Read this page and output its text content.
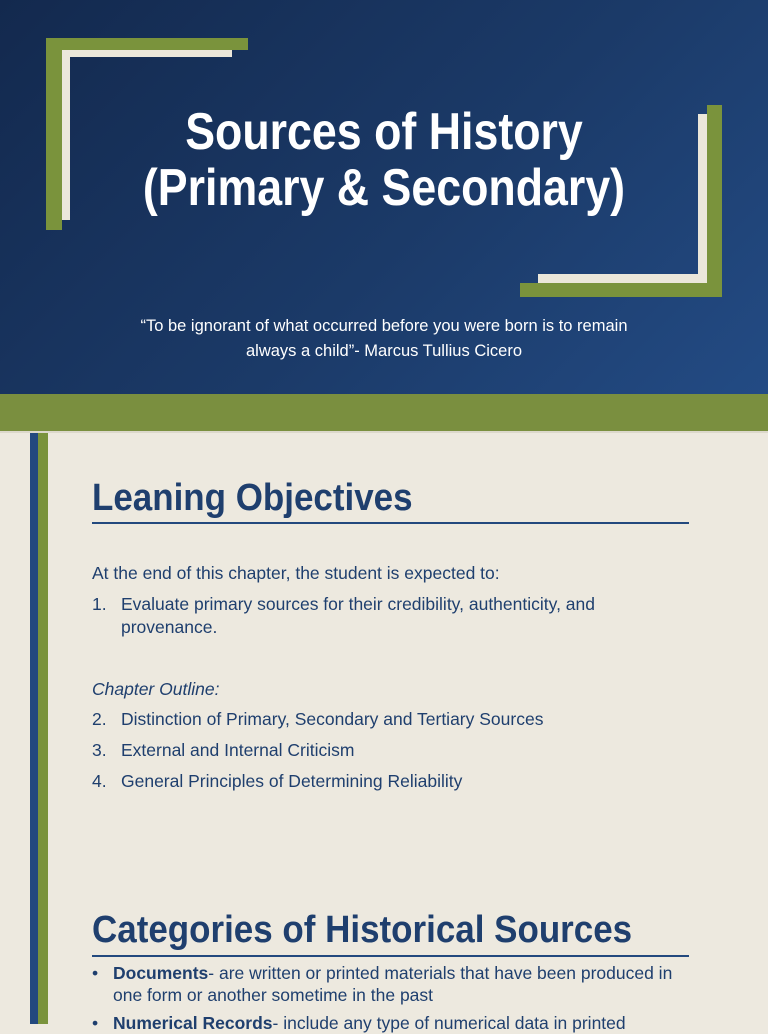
Sources of History
(Primary & Secondary)
“To be ignorant of what occurred before you were born is to remain
always a child”- Marcus Tullius Cicero
Leaning Objectives
At the end of this chapter, the student is expected to:
1. Evaluate primary sources for their credibility, authenticity, and provenance.
Chapter Outline:
2. Distinction of Primary, Secondary and Tertiary Sources
3. External and Internal Criticism
4. General Principles of Determining Reliability
Categories of Historical Sources
• Documents- are written or printed materials that have been produced in one form or another sometime in the past
• Numerical Records- include any type of numerical data in printed
